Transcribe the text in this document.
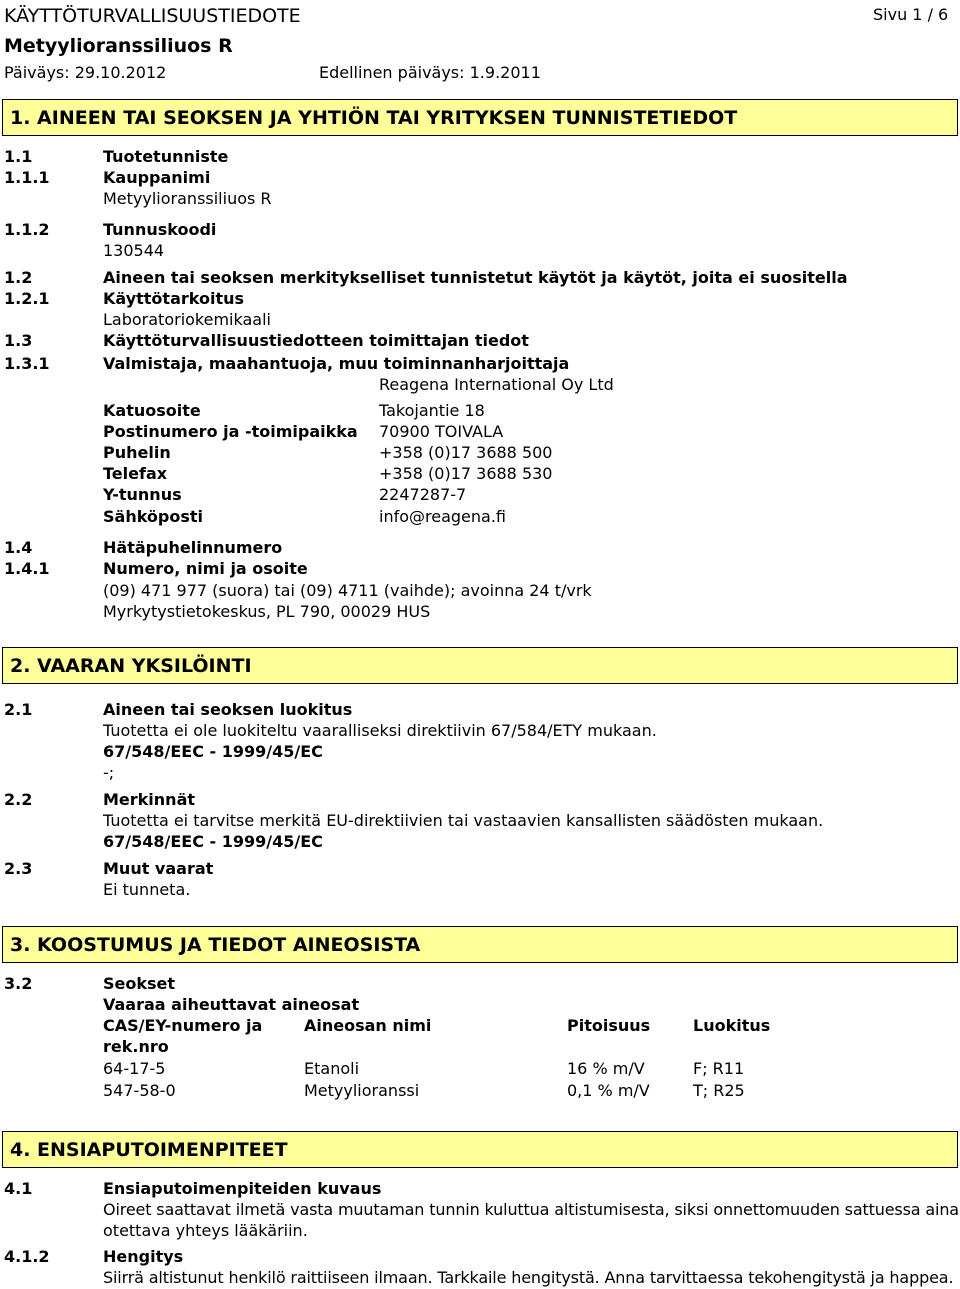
KÄYTTÖTURVALLISUUSTIEDOTE	Sivu 1 / 6
Metyylioranssiliuos R
Päiväys: 29.10.2012	Edellinen päiväys: 1.9.2011
1. AINEEN TAI SEOKSEN JA YHTIÖN TAI YRITYKSEN TUNNISTETIEDOT
1.1	Tuotetunniste
1.1.1	Kauppanimi
Metyylioranssiliuos R
1.1.2	Tunnuskoodi
130544
1.2	Aineen tai seoksen merkitykselliset tunnistetut käytöt ja käytöt, joita ei suositella
1.2.1	Käyttötarkoitus
Laboratoriokemikaali
1.3	Käyttöturvallisuustiedotteen toimittajan tiedot
1.3.1	Valmistaja, maahantuoja, muu toiminnanharjoittaja
Reagena International Oy Ltd
Katuosoite	Takojantie 18
Postinumero ja -toimipaikka 70900 TOIVALA
Puhelin	+358 (0)17 3688 500
Telefax	+358 (0)17 3688 530
Y-tunnus	2247287-7
Sähköposti	info@reagena.fi
1.4	Hätäpuhelinnumero
1.4.1	Numero, nimi ja osoite
(09) 471 977 (suora) tai (09) 4711 (vaihde); avoinna 24 t/vrk
Myrkytystietokeskus, PL 790, 00029 HUS
2. VAARAN YKSILÖINTI
2.1	Aineen tai seoksen luokitus
Tuotetta ei ole luokiteltu vaaralliseksi direktiivin 67/584/ETY mukaan.
67/548/EEC - 1999/45/EC
-;
2.2	Merkinnät
Tuotetta ei tarvitse merkitä EU-direktiivien tai vastaavien kansallisten säädösten mukaan.
67/548/EEC - 1999/45/EC
2.3	Muut vaarat
Ei tunneta.
3. KOOSTUMUS JA TIEDOT AINEOSISTA
3.2	Seokset
Vaaraa aiheuttavat aineosat
CAS/EY-numero ja	Aineosan nimi	Pitoisuus	Luokitus
rek.nro
64-17-5	Etanoli	16 % m/V	F; R11
547-58-0	Metyylioranssi	0,1 % m/V	T; R25
4. ENSIAPUTOIMENPITEET
4.1	Ensiaputoimenpiteiden kuvaus
Oireet saattavat ilmetä vasta muutaman tunnin kuluttua altistumisesta, siksi onnettomuuden sattuessa aina
otettava yhteys lääkäriin.
4.1.2	Hengitys
Siirrä altistunut henkilö raittiiseen ilmaan. Tarkkaile hengitystä. Anna tarvittaessa tekohengitystä ja happea.
